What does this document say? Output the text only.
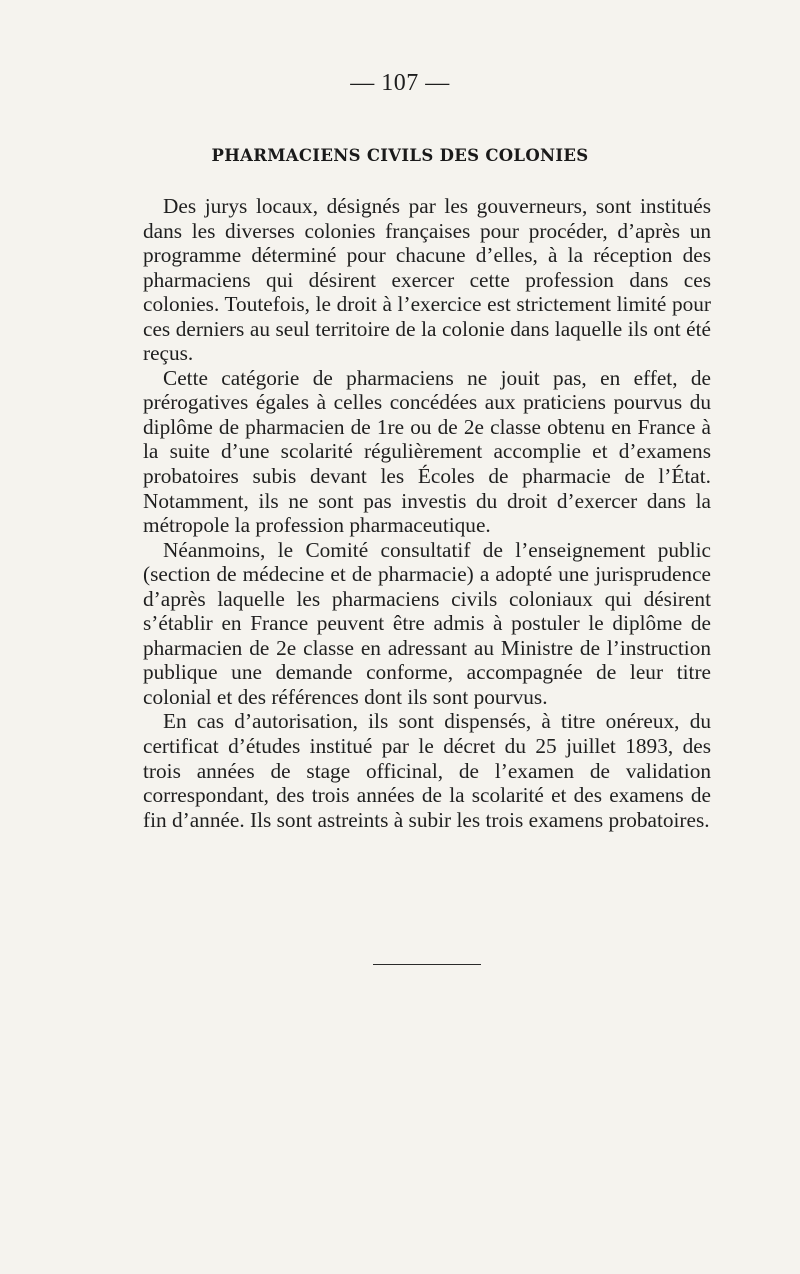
— 107 —
PHARMACIENS CIVILS DES COLONIES

Des jurys locaux, désignés par les gouverneurs, sont institués dans les diverses colonies françaises pour procéder, d’après un programme déterminé pour chacune d’elles, à la réception des pharmaciens qui désirent exercer cette profession dans ces colonies. Toutefois, le droit à l’exercice est strictement limité pour ces derniers au seul territoire de la colonie dans laquelle ils ont été reçus.

Cette catégorie de pharmaciens ne jouit pas, en effet, de prérogatives égales à celles concédées aux praticiens pourvus du diplôme de pharmacien de 1re ou de 2e classe obtenu en France à la suite d’une scolarité régulièrement accomplie et d’examens probatoires subis devant les Écoles de pharmacie de l’État. Notamment, ils ne sont pas investis du droit d’exercer dans la métropole la profession pharmaceutique.

Néanmoins, le Comité consultatif de l’enseignement public (section de médecine et de pharmacie) a adopté une jurisprudence d’après laquelle les pharmaciens civils coloniaux qui désirent s’établir en France peuvent être admis à postuler le diplôme de pharmacien de 2e classe en adressant au Ministre de l’instruction publique une demande conforme, accompagnée de leur titre colonial et des références dont ils sont pourvus.

En cas d’autorisation, ils sont dispensés, à titre onéreux, du certificat d’études institué par le décret du 25 juillet 1893, des trois années de stage officinal, de l’examen de validation correspondant, des trois années de la scolarité et des examens de fin d’année. Ils sont astreints à subir les trois examens probatoires.
